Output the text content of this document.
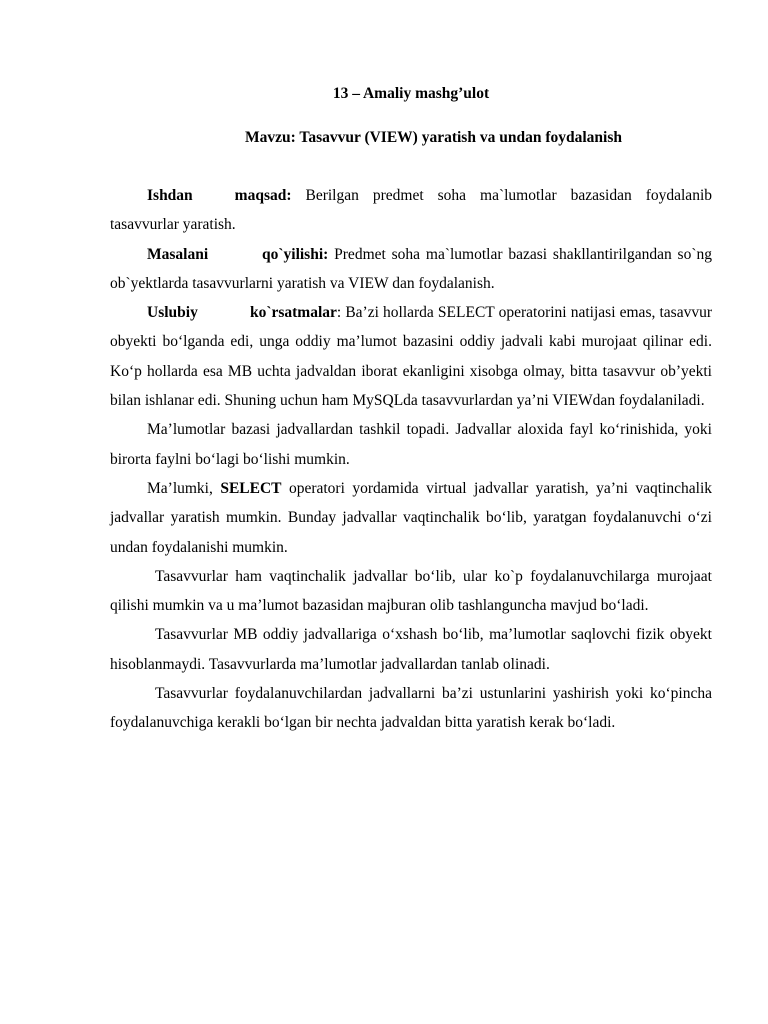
13 – Amaliy mashg’ulot

Mavzu: Tasavvur (VIEW) yaratish va undan foydalanish

Ishdan maqsad: Berilgan predmet soha ma`lumotlar bazasidan foydalanib tasavvurlar yaratish.

Masalani qo`yilishi: Predmet soha ma`lumotlar bazasi shakllantirilgandan so`ng ob`yektlarda tasavvurlarni yaratish va VIEW dan foydalanish.

Uslubiy ko`rsatmalar: Ba’zi hollarda SELECT operatorini natijasi emas, tasavvur obyekti bo‘lganda edi, unga oddiy ma’lumot bazasini oddiy jadvali kabi murojaat qilinar edi. Ko‘p hollarda esa MB uchta jadvaldan iborat ekanligini xisobga olmay, bitta tasavvur ob’yekti bilan ishlanar edi. Shuning uchun ham MySQLda tasavvurlardan ya’ni VIEWdan foydalaniladi.

Ma’lumotlar bazasi jadvallardan tashkil topadi. Jadvallar aloxida fayl ko‘rinishida, yoki birorta faylni bo‘lagi bo‘lishi mumkin.

Ma’lumki, SELECT operatori yordamida virtual jadvallar yaratish, ya’ni vaqtinchalik jadvallar yaratish mumkin. Bunday jadvallar vaqtinchalik bo‘lib, yaratgan foydalanuvchi o‘zi undan foydalanishi mumkin.

Tasavvurlar ham vaqtinchalik jadvallar bo‘lib, ular ko`p foydalanuvchilarga murojaat qilishi mumkin va u ma’lumot bazasidan majburan olib tashlanguncha mavjud bo‘ladi.

Tasavvurlar MB oddiy jadvallariga o‘xshash bo‘lib, ma’lumotlar saqlovchi fizik obyekt hisoblanmaydi. Tasavvurlarda ma’lumotlar jadvallardan tanlab olinadi.

Tasavvurlar foydalanuvchilardan jadvallarni ba’zi ustunlarini yashirish yoki ko‘pincha foydalanuvchiga kerakli bo‘lgan bir nechta jadvaldan bitta yaratish kerak bo‘ladi.
